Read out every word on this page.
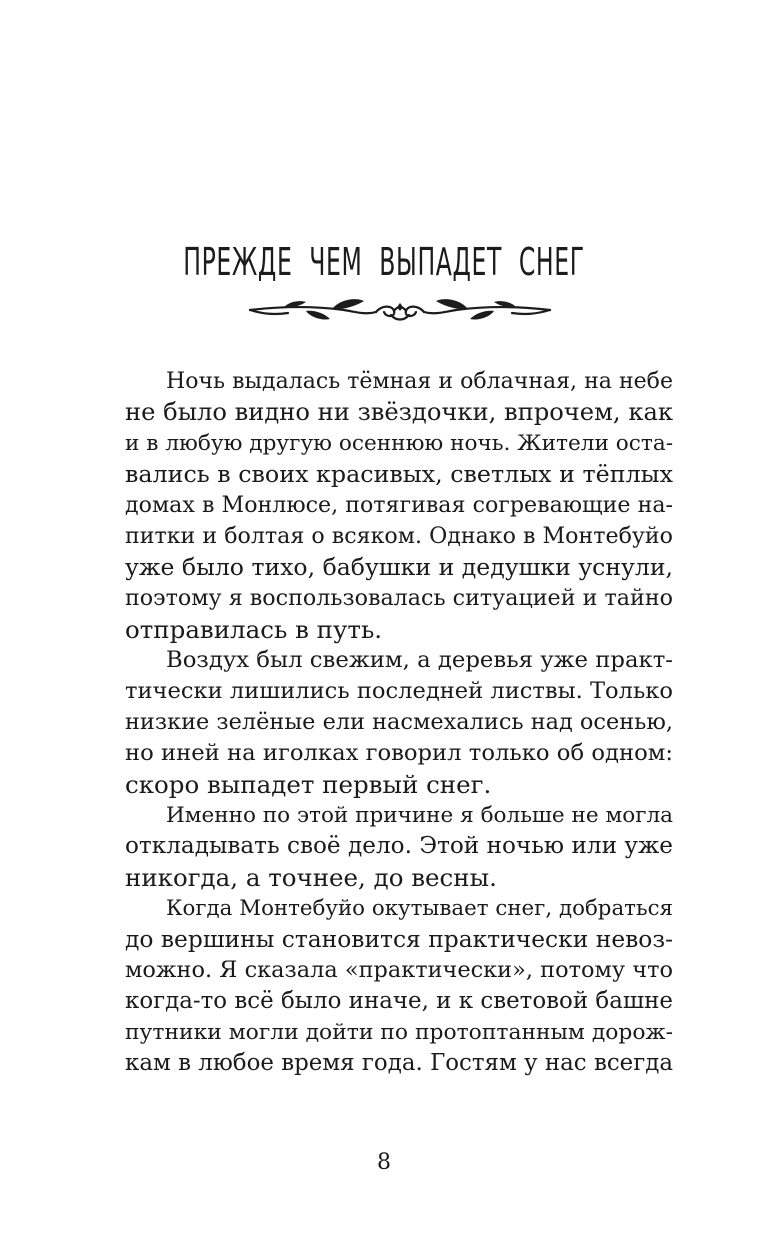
ПРЕЖДЕ ЧЕМ ВЫПАДЕТ СНЕГ
Ночь выдалась тёмная и облачная, на небе
не было видно ни звёздочки, впрочем, как
и в любую другую осеннюю ночь. Жители оста-
вались в своих красивых, светлых и тёплых
домах в Монлюсе, потягивая согревающие на-
питки и болтая о всяком. Однако в Монтебуйо
уже было тихо, бабушки и дедушки уснули,
поэтому я воспользовалась ситуацией и тайно
отправилась в путь.
Воздух был свежим, а деревья уже практ-
тически лишились последней листвы. Только
низкие зелёные ели насмехались над осенью,
но иней на иголках говорил только об одном:
скоро выпадет первый снег.
Именно по этой причине я больше не могла
откладывать своё дело. Этой ночью или уже
никогда, а точнее, до весны.
Когда Монтебуйо окутывает снег, добраться
до вершины становится практически невоз-
можно. Я сказала «практически», потому что
когда-то всё было иначе, и к световой башне
путники могли дойти по протоптанным дорож-
кам в любое время года. Гостям у нас всегда
8
